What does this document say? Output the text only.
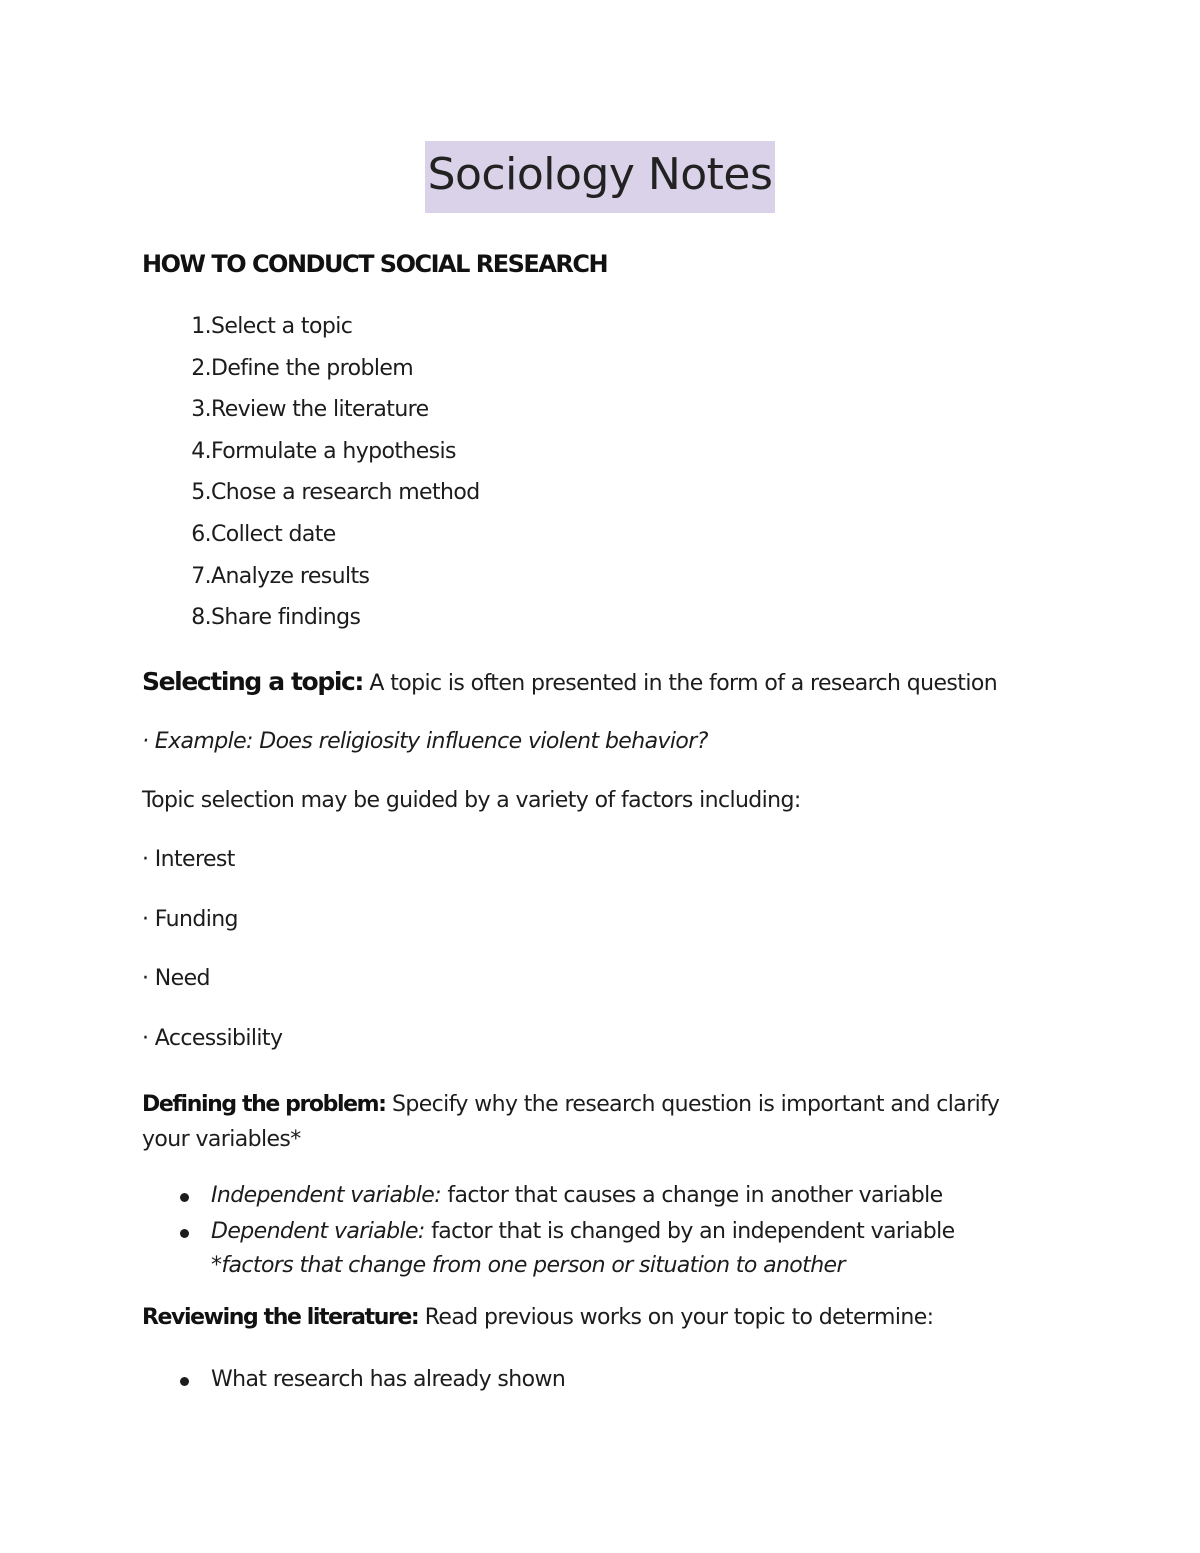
Sociology Notes
HOW TO CONDUCT SOCIAL RESEARCH
1. Select a topic
2. Define the problem
3. Review the literature
4. Formulate a hypothesis
5. Chose a research method
6. Collect date
7. Analyze results
8. Share findings

Selecting a topic: A topic is often presented in the form of a research question

· Example: Does religiosity influence violent behavior?

Topic selection may be guided by a variety of factors including:

· Interest

· Funding

· Need

· Accessibility

Defining the problem: Specify why the research question is important and clarify
your variables*

Independent variable: factor that causes a change in another variable
Dependent variable: factor that is changed by an independent variable
*factors that change from one person or situation to another

Reviewing the literature: Read previous works on your topic to determine:

What research has already shown
